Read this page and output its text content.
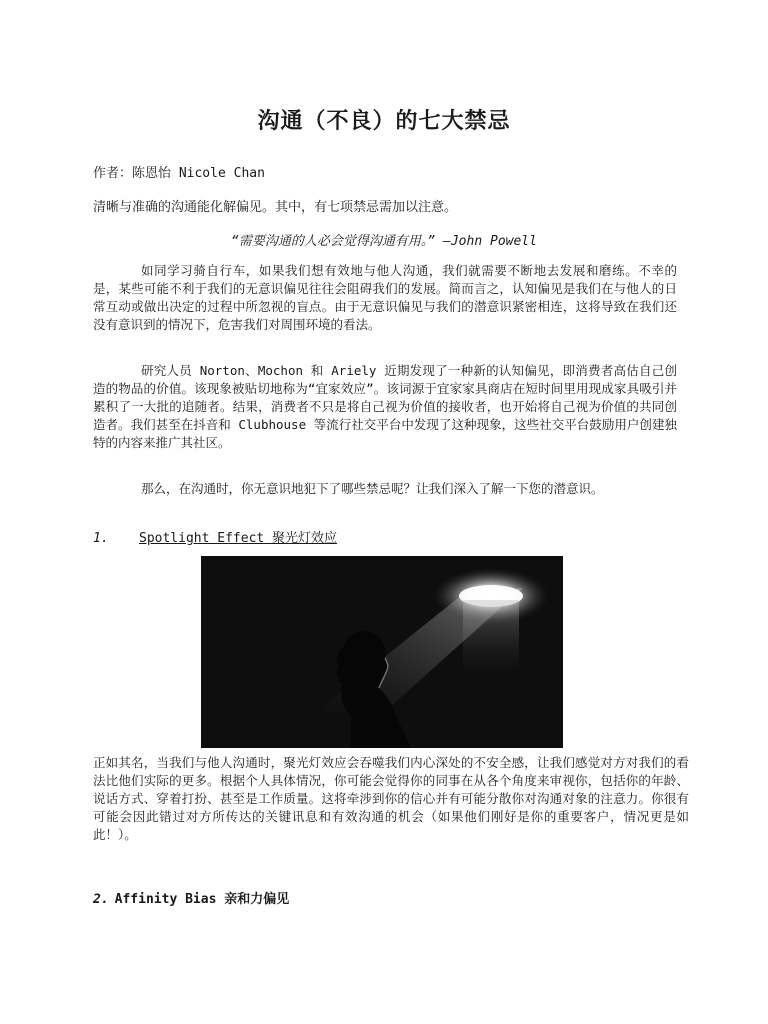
沟通（不良）的七大禁忌
作者：陈恩怡 Nicole Chan
清晰与准确的沟通能化解偏见。其中，有七项禁忌需加以注意。
“需要沟通的人必会觉得沟通有用。” —John Powell
如同学习骑自行车，如果我们想有效地与他人沟通，我们就需要不断地去发展和磨练。不幸的是，某些可能不利于我们的无意识偏见往往会阻碍我们的发展。简而言之，认知偏见是我们在与他人的日常互动或做出决定的过程中所忽视的盲点。由于无意识偏见与我们的潜意识紧密相连，这将导致在我们还没有意识到的情况下，危害我们对周围环境的看法。
研究人员 Norton、Mochon 和 Ariely 近期发现了一种新的认知偏见，即消费者高估自己创造的物品的价值。该现象被贴切地称为“宜家效应”。该词源于宜家家具商店在短时间里用现成家具吸引并累积了一大批的追随者。结果，消费者不只是将自己视为价值的接收者，也开始将自己视为价值的共同创造者。我们甚至在抖音和 Clubhouse 等流行社交平台中发现了这种现象，这些社交平台鼓励用户创建独特的内容来推广其社区。
那么，在沟通时，你无意识地犯下了哪些禁忌呢？让我们深入了解一下您的潜意识。
1. Spotlight Effect 聚光灯效应
正如其名，当我们与他人沟通时，聚光灯效应会吞噬我们内心深处的不安全感，让我们感觉对方对我们的看法比他们实际的更多。根据个人具体情况，你可能会觉得你的同事在从各个角度来审视你，包括你的年龄、说话方式、穿着打扮、甚至是工作质量。这将牵涉到你的信心并有可能分散你对沟通对象的注意力。你很有可能会因此错过对方所传达的关键讯息和有效沟通的机会（如果他们刚好是你的重要客户，情况更是如此！）。
2. Affinity Bias 亲和力偏见
